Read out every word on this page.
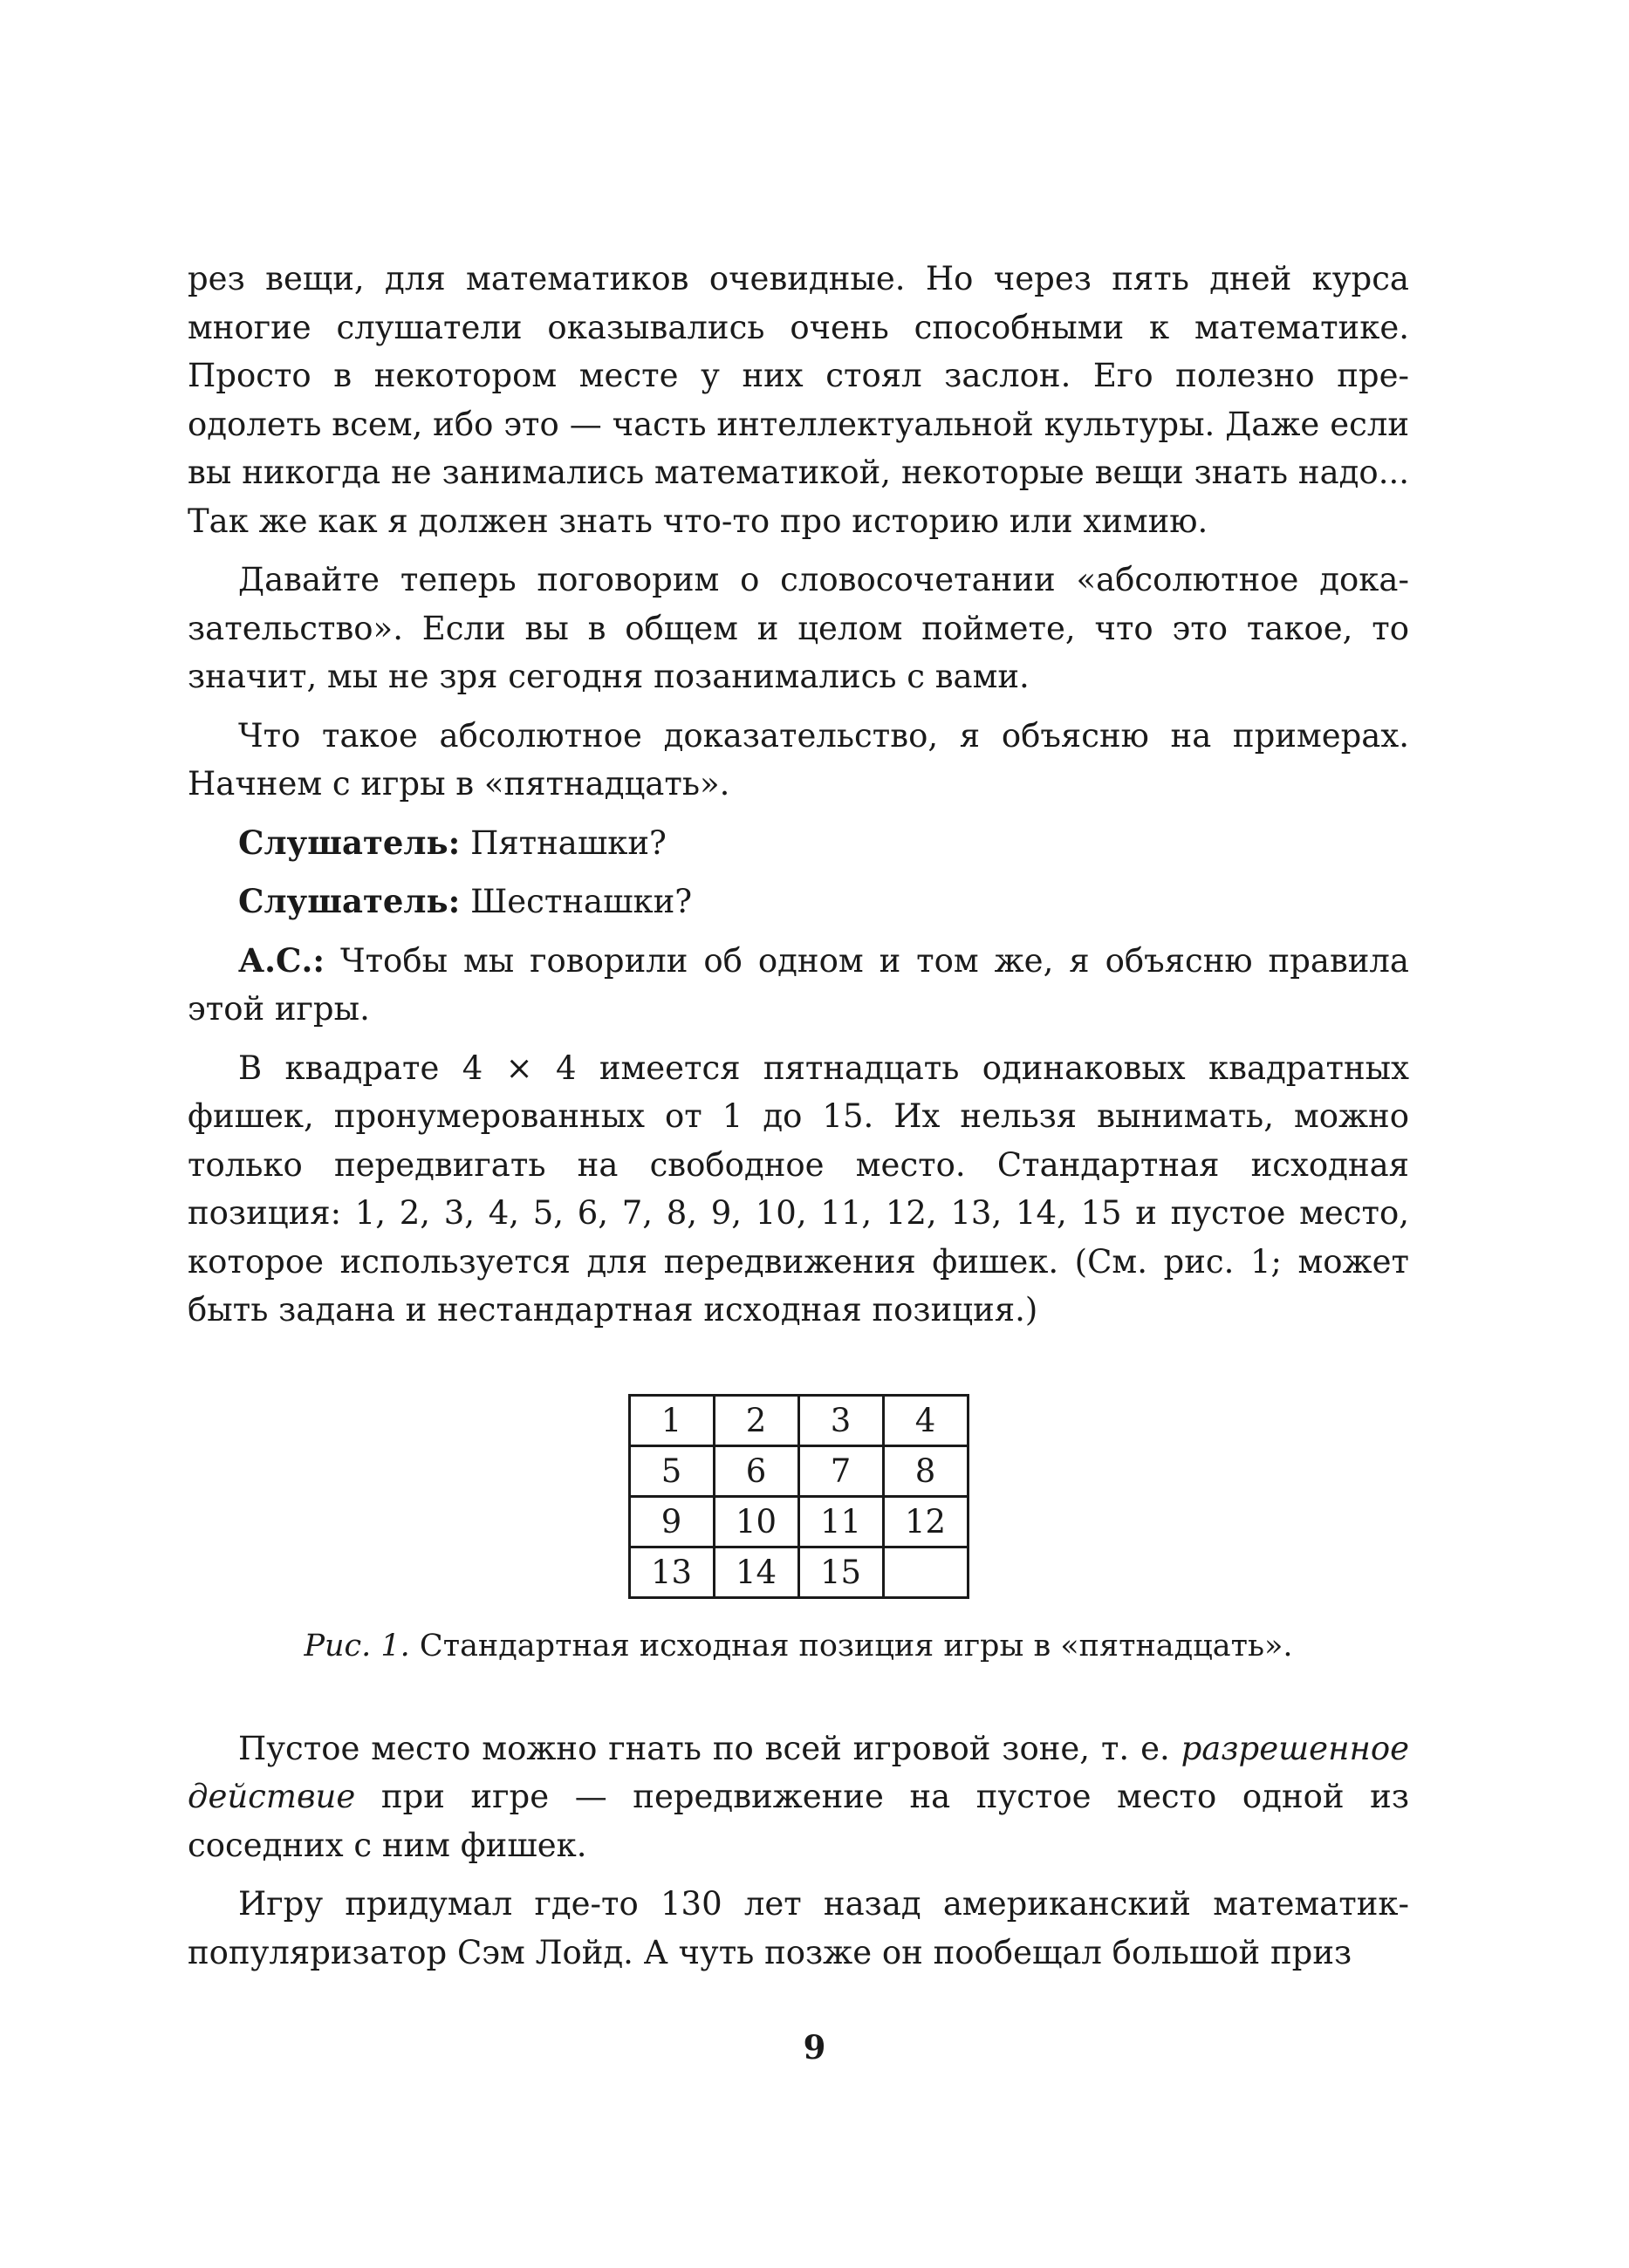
рез вещи, для математиков очевидные. Но через пять дней курса многие слушатели оказывались очень способными к математике. Просто в некотором месте у них стоял заслон. Его полезно преодолеть всем, ибо это — часть интеллектуальной культуры. Даже если вы никогда не занимались математикой, некоторые вещи знать надо... Так же как я должен знать что-то про историю или химию.

Давайте теперь поговорим о словосочетании «абсолютное доказательство». Если вы в общем и целом поймете, что это такое, то значит, мы не зря сегодня позанимались с вами.

Что такое абсолютное доказательство, я объясню на примерах. Начнем с игры в «пятнадцать».

Слушатель: Пятнашки?

Слушатель: Шестнашки?

А.С.: Чтобы мы говорили об одном и том же, я объясню правила этой игры.

В квадрате 4 × 4 имеется пятнадцать одинаковых квадратных фишек, пронумерованных от 1 до 15. Их нельзя вынимать, можно только передвигать на свободное место. Стандартная исходная позиция: 1, 2, 3, 4, 5, 6, 7, 8, 9, 10, 11, 12, 13, 14, 15 и пустое место, которое используется для передвижения фишек. (См. рис. 1; может быть задана и нестандартная исходная позиция.)

1	2	3	4
5	6	7	8
9	10	11	12
13	14	15	
Рис. 1. Стандартная исходная позиция игры в «пятнадцать».

Пустое место можно гнать по всей игровой зоне, т. е. разрешенное действие при игре — передвижение на пустое место одной из соседних с ним фишек.

Игру придумал где-то 130 лет назад американский математик-популяризатор Сэм Лойд. А чуть позже он пообещал большой приз

9
